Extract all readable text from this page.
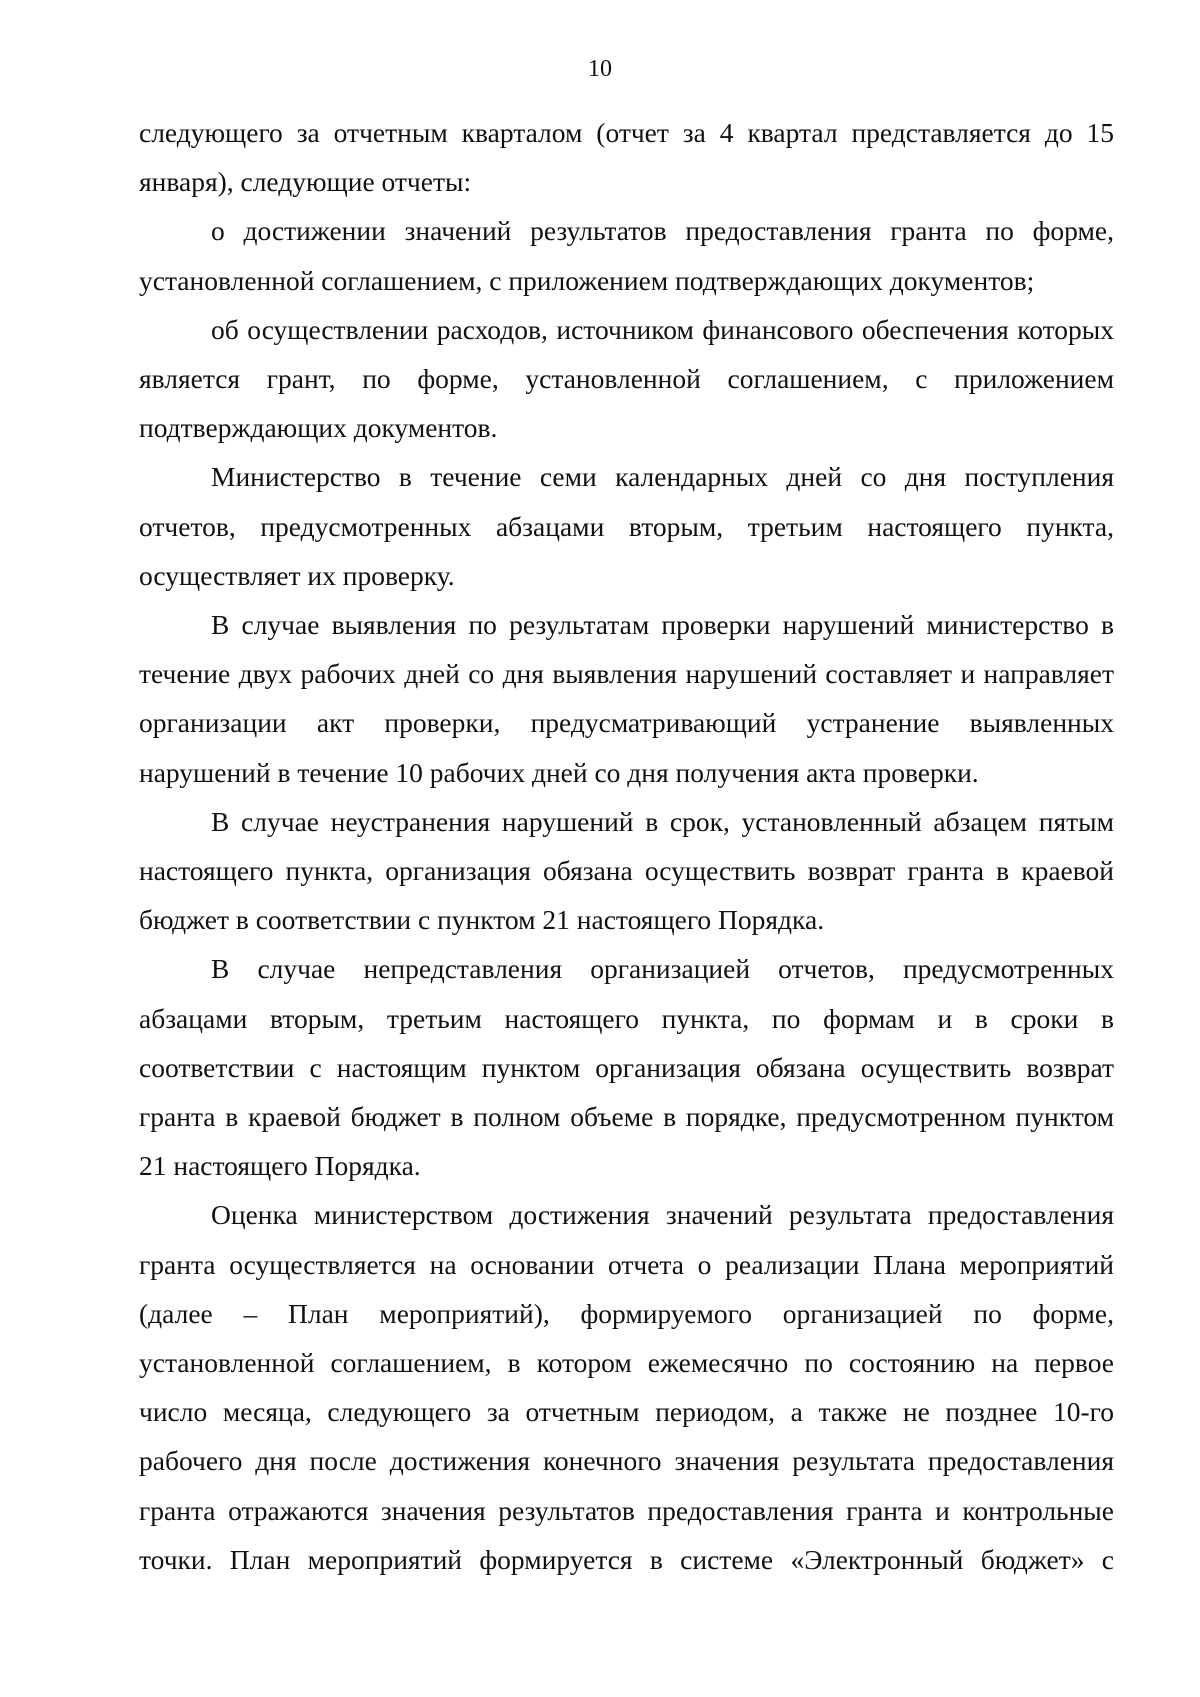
10

следующего за отчетным кварталом (отчет за 4 квартал представляется до 15 января), следующие отчеты:

о достижении значений результатов предоставления гранта по форме, установленной соглашением, с приложением подтверждающих документов;

об осуществлении расходов, источником финансового обеспечения которых является грант, по форме, установленной соглашением, с приложением подтверждающих документов.

Министерство в течение семи календарных дней со дня поступления отчетов, предусмотренных абзацами вторым, третьим настоящего пункта, осуществляет их проверку.

В случае выявления по результатам проверки нарушений министерство в течение двух рабочих дней со дня выявления нарушений составляет и направляет организации акт проверки, предусматривающий устранение выявленных нарушений в течение 10 рабочих дней со дня получения акта проверки.

В случае неустранения нарушений в срок, установленный абзацем пятым настоящего пункта, организация обязана осуществить возврат гранта в краевой бюджет в соответствии с пунктом 21 настоящего Порядка.

В случае непредставления организацией отчетов, предусмотренных абзацами вторым, третьим настоящего пункта, по формам и в сроки в соответствии с настоящим пунктом организация обязана осуществить возврат гранта в краевой бюджет в полном объеме в порядке, предусмотренном пунктом 21 настоящего Порядка.

Оценка министерством достижения значений результата предоставления гранта осуществляется на основании отчета о реализации Плана мероприятий (далее – План мероприятий), формируемого организацией по форме, установленной соглашением, в котором ежемесячно по состоянию на первое число месяца, следующего за отчетным периодом, а также не позднее 10-го рабочего дня после достижения конечного значения результата предоставления гранта отражаются значения результатов предоставления гранта и контрольные точки. План мероприятий формируется в системе «Электронный бюджет» с
